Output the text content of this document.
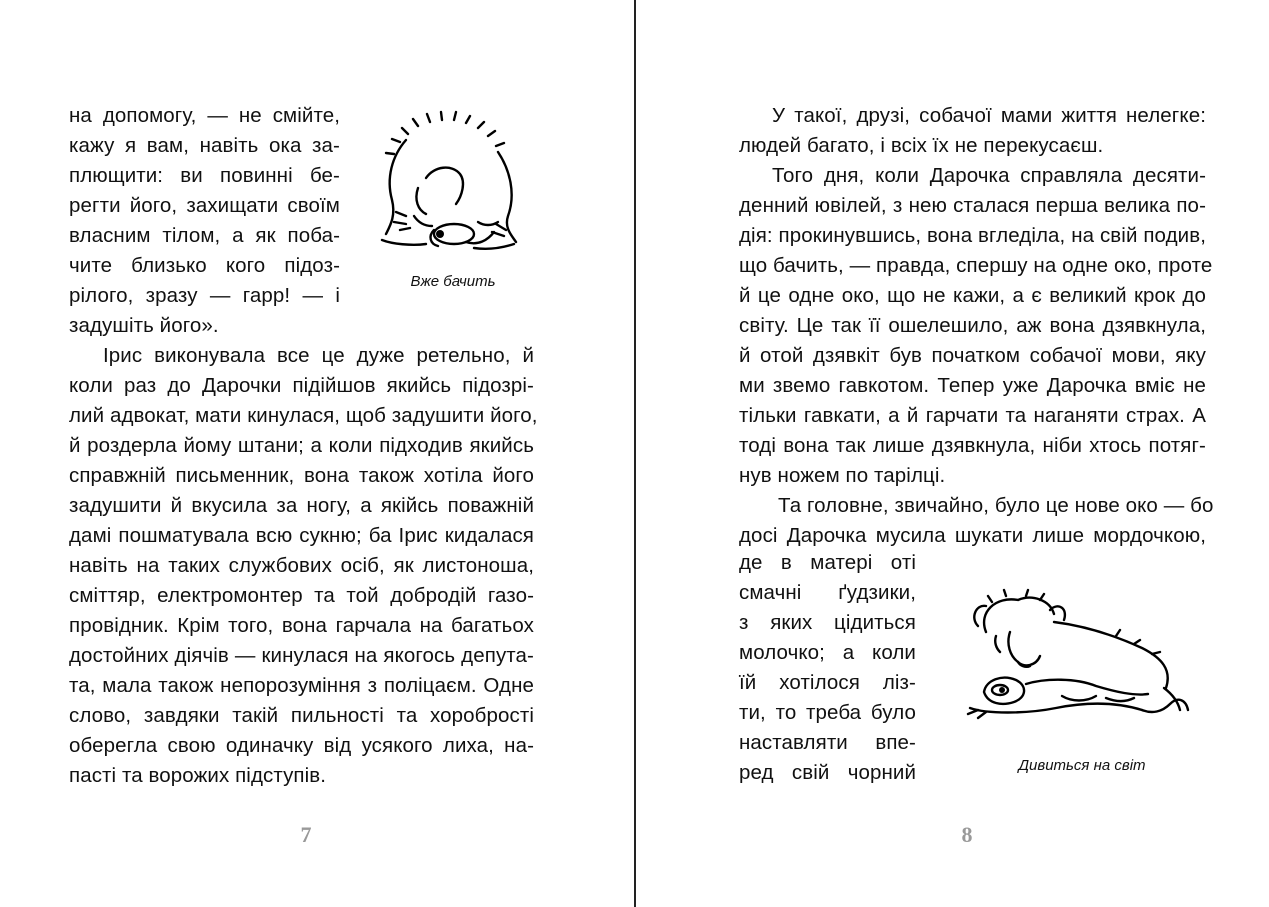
на допомогу, — не смійте,
кажу я вам, навіть ока за-
плющити: ви повинні бе-
регти його, захищати своїм
власним тілом, а як поба-
чите близько кого підоз-
рілого, зразу — гарр! — і
задушіть його».
Вже бачить
Ірис виконувала все це дуже ретельно, й
коли раз до Дарочки підійшов якийсь підозрі-
лий адвокат, мати кинулася, щоб задушити його,
й роздерла йому штани; а коли підходив якийсь
справжній письменник, вона також хотіла його
задушити й вкусила за ногу, а якійсь поважній
дамі пошматувала всю сукню; ба Ірис кидалася
навіть на таких службових осіб, як листоноша,
сміттяр, електромонтер та той добродій газо-
провідник. Крім того, вона гарчала на багатьох
достойних діячів — кинулася на якогось депута-
та, мала також непорозуміння з поліцаєм. Одне
слово, завдяки такій пильності та хоробрості
оберегла свою одиначку від усякого лиха, на-
пасті та ворожих підступів.
7
У такої, друзі, собачої мами життя нелегке:
людей багато, і всіх їх не перекусаєш.
Того дня, коли Дарочка справляла десяти-
денний ювілей, з нею сталася перша велика по-
дія: прокинувшись, вона вгледіла, на свій подив,
що бачить, — правда, спершу на одне око, проте
й це одне око, що не кажи, а є великий крок до
світу. Це так її ошелешило, аж вона дзявкнула,
й отой дзявкіт був початком собачої мови, яку
ми звемо гавкотом. Тепер уже Дарочка вміє не
тільки гавкати, а й гарчати та наганяти страх. А
тоді вона так лише дзявкнула, ніби хтось потяг-
нув ножем по тарілці.
Та головне, звичайно, було це нове око — бо
досі Дарочка мусила шукати лише мордочкою,
де в матері оті
смачні ґудзики,
з яких цідиться
молочко; а коли
їй хотілося ліз-
ти, то треба було
наставляти впе-
ред свій чорний	Дивиться на світ
8
